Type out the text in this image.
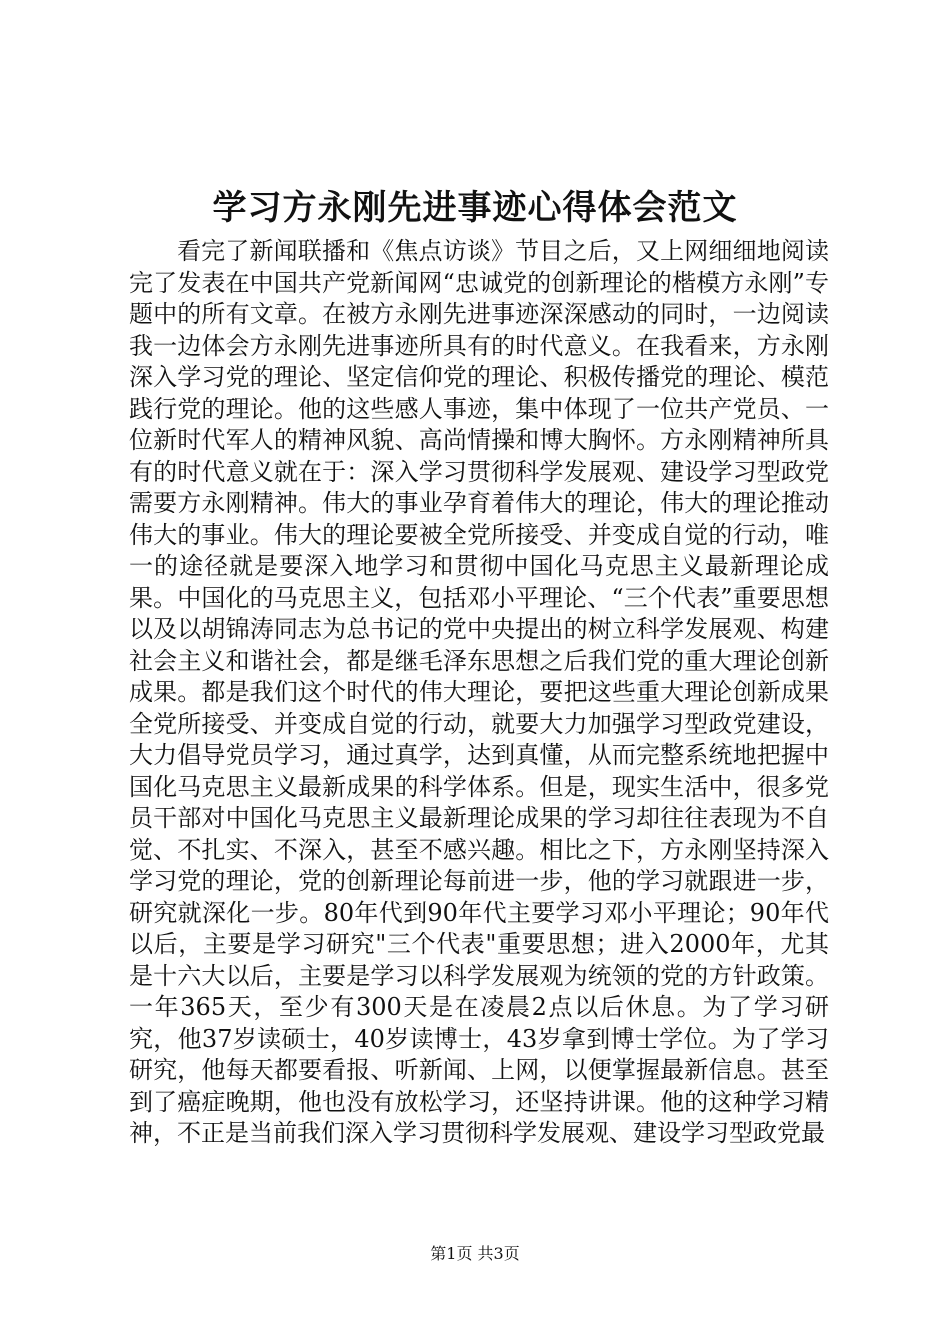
学习方永刚先进事迹心得体会范文

看完了新闻联播和《焦点访谈》节目之后，又上网细细地阅读完了发表在中国共产党新闻网“忠诚党的创新理论的楷模方永刚”专题中的所有文章。在被方永刚先进事迹深深感动的同时，一边阅读我一边体会方永刚先进事迹所具有的时代意义。在我看来，方永刚深入学习党的理论、坚定信仰党的理论、积极传播党的理论、模范践行党的理论。他的这些感人事迹，集中体现了一位共产党员、一位新时代军人的精神风貌、高尚情操和博大胸怀。方永刚精神所具有的时代意义就在于：深入学习贯彻科学发展观、建设学习型政党需要方永刚精神。伟大的事业孕育着伟大的理论，伟大的理论推动伟大的事业。伟大的理论要被全党所接受、并变成自觉的行动，唯一的途径就是要深入地学习和贯彻中国化马克思主义最新理论成果。中国化的马克思主义，包括邓小平理论、“三个代表”重要思想以及以胡锦涛同志为总书记的党中央提出的树立科学发展观、构建社会主义和谐社会，都是继毛泽东思想之后我们党的重大理论创新成果。都是我们这个时代的伟大理论，要把这些重大理论创新成果全党所接受、并变成自觉的行动，就要大力加强学习型政党建设，大力倡导党员学习，通过真学，达到真懂，从而完整系统地把握中国化马克思主义最新成果的科学体系。但是，现实生活中，很多党员干部对中国化马克思主义最新理论成果的学习却往往表现为不自觉、不扎实、不深入，甚至不感兴趣。相比之下，方永刚坚持深入学习党的理论，党的创新理论每前进一步，他的学习就跟进一步，研究就深化一步。80年代到90年代主要学习邓小平理论；90年代以后，主要是学习研究"三个代表"重要思想；进入2000年，尤其是十六大以后，主要是学习以科学发展观为统领的党的方针政策。一年365天，至少有300天是在凌晨2点以后休息。为了学习研究，他37岁读硕士，40岁读博士，43岁拿到博士学位。为了学习研究，他每天都要看报、听新闻、上网，以便掌握最新信息。甚至到了癌症晚期，他也没有放松学习，还坚持讲课。他的这种学习精神，不正是当前我们深入学习贯彻科学发展观、建设学习型政党最

第1页 共3页
